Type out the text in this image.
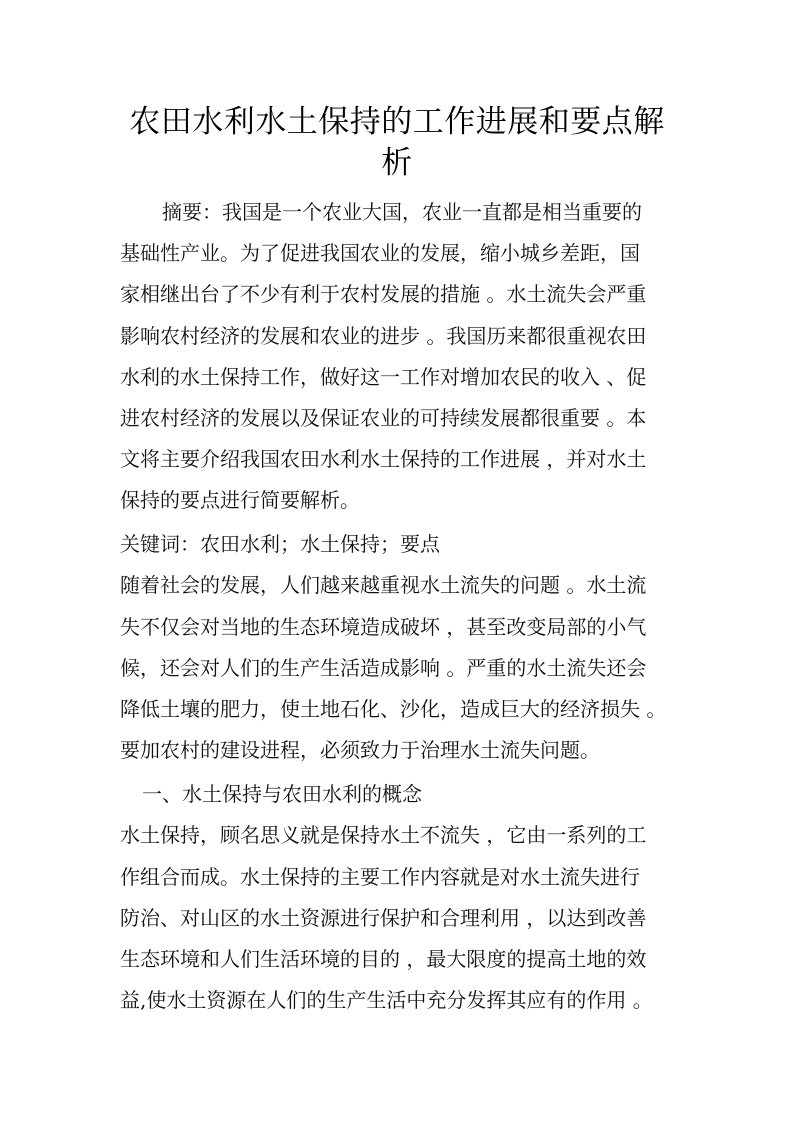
农田水利水土保持的工作进展和要点解
析
摘要：我国是一个农业大国，农业一直都是相当重要的
基础性产业。为了促进我国农业的发展，缩小城乡差距，国
家相继出台了不少有利于农村发展的措施 。水土流失会严重
影响农村经济的发展和农业的进步 。我国历来都很重视农田
水利的水土保持工作，做好这一工作对增加农民的收入 、促
进农村经济的发展以及保证农业的可持续发展都很重要 。本
文将主要介绍我国农田水利水土保持的工作进展 ，并对水土
保持的要点进行简要解析。
关键词：农田水利；水土保持；要点
随着社会的发展，人们越来越重视水土流失的问题 。水土流
失不仅会对当地的生态环境造成破坏 ，甚至改变局部的小气
候，还会对人们的生产生活造成影响 。严重的水土流失还会
降低土壤的肥力，使土地石化、沙化，造成巨大的经济损失 。
要加农村的建设进程，必须致力于治理水土流失问题。
一、水土保持与农田水利的概念
水土保持，顾名思义就是保持水土不流失 ，它由一系列的工
作组合而成。水土保持的主要工作内容就是对水土流失进行
防治、对山区的水土资源进行保护和合理利用 ，以达到改善
生态环境和人们生活环境的目的 ，最大限度的提高土地的效
益,使水土资源在人们的生产生活中充分发挥其应有的作用 。
